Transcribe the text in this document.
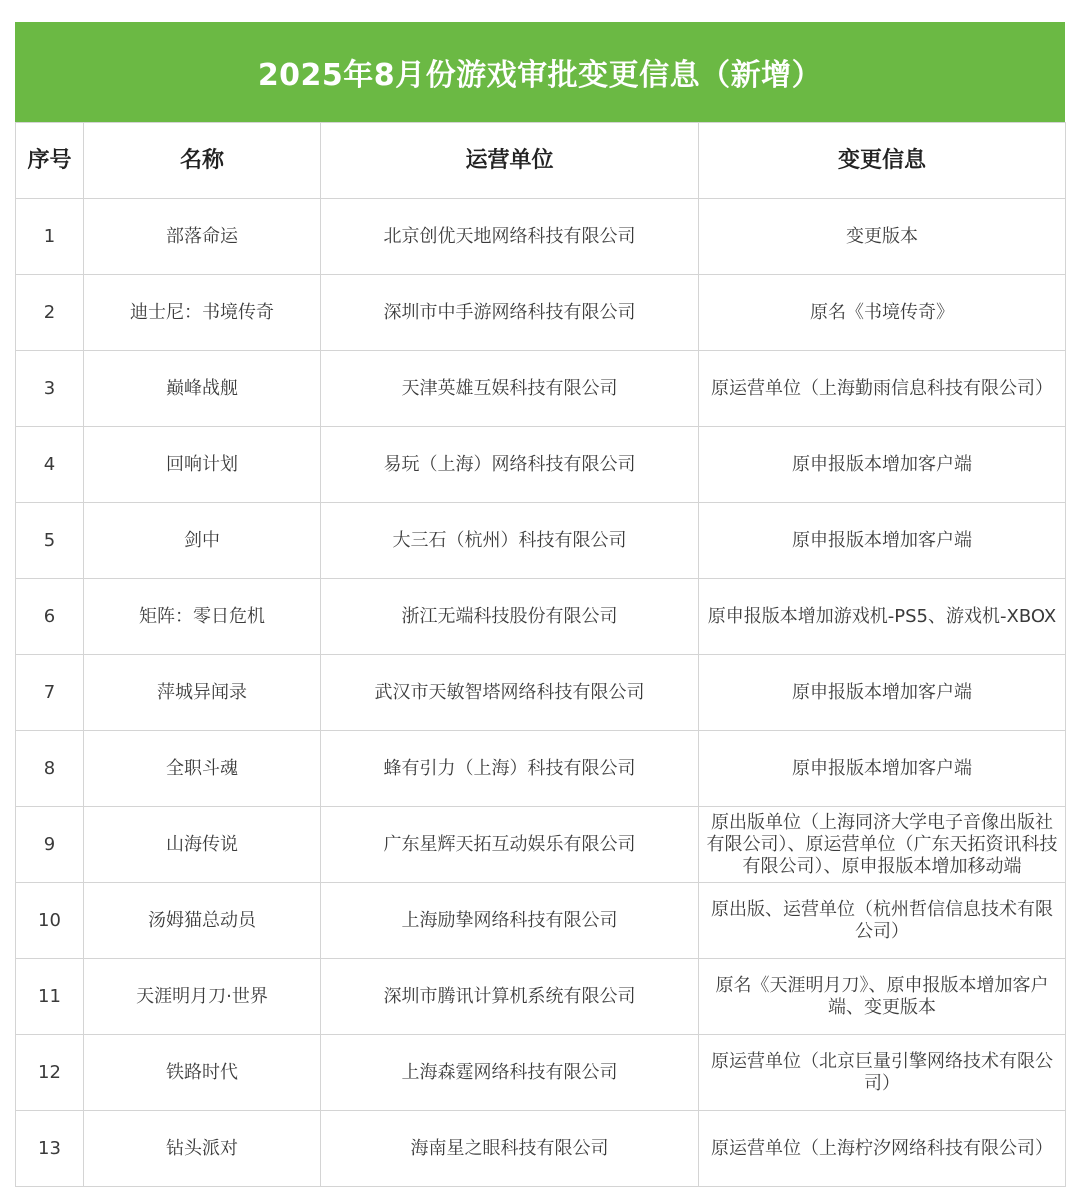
2025年8月份游戏审批变更信息（新增）
序号	名称	运营单位	变更信息
1	部落命运	北京创优天地网络科技有限公司	变更版本
2	迪士尼：书境传奇	深圳市中手游网络科技有限公司	原名《书境传奇》
3	巅峰战舰	天津英雄互娱科技有限公司	原运营单位（上海勤雨信息科技有限公司）
4	回响计划	易玩（上海）网络科技有限公司	原申报版本增加客户端
5	剑中	大三石（杭州）科技有限公司	原申报版本增加客户端
6	矩阵：零日危机	浙江无端科技股份有限公司	原申报版本增加游戏机-PS5、游戏机-XBOX
7	萍城异闻录	武汉市天敏智塔网络科技有限公司	原申报版本增加客户端
8	全职斗魂	蜂有引力（上海）科技有限公司	原申报版本增加客户端
9	山海传说	广东星辉天拓互动娱乐有限公司	原出版单位（上海同济大学电子音像出版社有限公司）、原运营单位（广东天拓资讯科技有限公司）、原申报版本增加移动端
10	汤姆猫总动员	上海励挚网络科技有限公司	原出版、运营单位（杭州哲信信息技术有限公司）
11	天涯明月刀·世界	深圳市腾讯计算机系统有限公司	原名《天涯明月刀》、原申报版本增加客户端、变更版本
12	铁路时代	上海森霆网络科技有限公司	原运营单位（北京巨量引擎网络技术有限公司）
13	钻头派对	海南星之眼科技有限公司	原运营单位（上海柠汐网络科技有限公司）
